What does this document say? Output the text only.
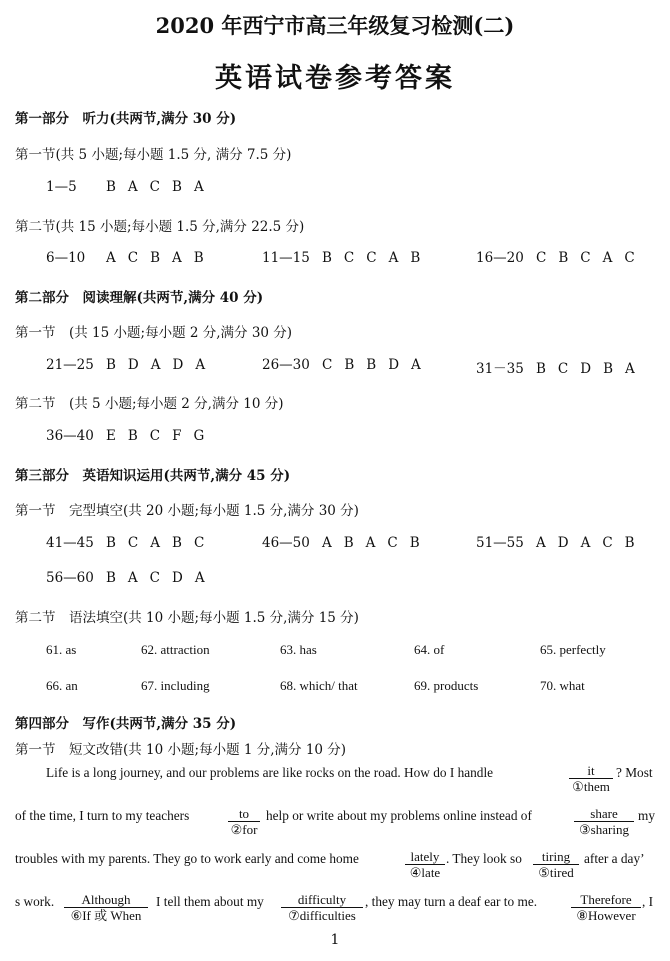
2020 年西宁市高三年级复习检测(二)
英语试卷参考答案
第一部分　听力(共两节,满分 30 分)
第一节(共 5 小题;每小题 1.5 分, 满分 7.5 分)
1—5 B A C B A
第二节(共 15 小题;每小题 1.5 分,满分 22.5 分)
6—10 A C B A B	11—15 B C C A B	16—20 C B C A C
第二部分　阅读理解(共两节,满分 40 分)
第一节　(共 15 小题;每小题 2 分,满分 30 分)
21—25 B D A D A	26—30 C B B D A	31－35 B C D B A
第二节　(共 5 小题;每小题 2 分,满分 10 分)
36—40 E B C F G
第三部分　英语知识运用(共两节,满分 45 分)
第一节　完型填空(共 20 小题;每小题 1.5 分,满分 30 分)
41—45 B C A B C	46—50 A B A C B	51—55 A D A C B
56—60 B A C D A
第二节　语法填空(共 10 小题;每小题 1.5 分,满分 15 分)
61. as	62. attraction	63. has	64. of	65. perfectly
66. an	67. including	68. which/ that	69. products	70. what
第四部分　写作(共两节,满分 35 分)
第一节　短文改错(共 10 小题;每小题 1 分,满分 10 分)
Life is a long journey, and our problems are like rocks on the road. How do I handle	it
①them
? Most
of the time, I turn to my teachers	to
②for
help or write about my problems online instead of	share
③sharing
my
troubles with my parents. They go to work early and come home	lately
④late
. They look so	tiring
⑤tired
after a day’
s work.	Although
⑥If 或 When
I tell them about my	difficulty
⑦difficulties
, they may turn a deaf ear to me.	Therefore
⑧However
, I
1
